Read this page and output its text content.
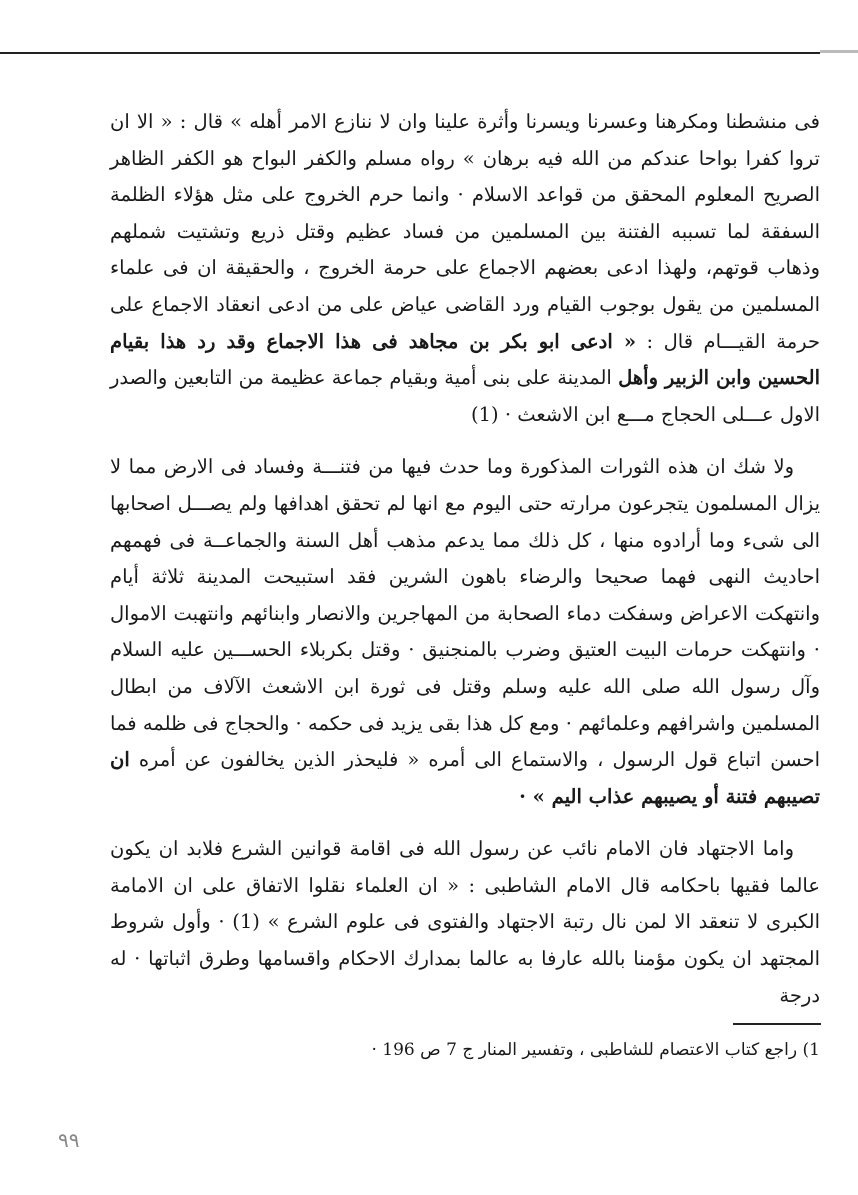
فى منشطنا ومكرهنا وعسرنا ويسرنا وأثرة علينا وان لا ننازع الامر أهله » قال : « الا ان تروا كفرا بواحا عندكم من الله فيه برهان » رواه مسلم والكفر البواح هو الكفر الظاهر الصريح المعلوم المحقق من قواعد الاسلام · وانما حرم الخروج على مثل هؤلاء الظلمة السفقة لما تسببه الفتنة بين المسلمين من فساد عظيم وقتل ذريع وتشتيت شملهم وذهاب قوتهم، ولهذا ادعى بعضهم الاجماع على حرمة الخروج ، والحقيقة ان فى علماء المسلمين من يقول بوجوب القيام ورد القاضى عياض على من ادعى انعقاد الاجماع على حرمة القيـــام قال : « ادعى ابو بكر بن مجاهد فى هذا الاجماع وقد رد هذا بقيام الحسين وابن الزبير وأهل المدينة على بنى أمية وبقيام جماعة عظيمة من التابعين والصدر الاول عـــلى الحجاج مـــع ابن الاشعث · (1)

ولا شك ان هذه الثورات المذكورة وما حدث فيها من فتنـــة وفساد فى الارض مما لا يزال المسلمون يتجرعون مرارته حتى اليوم مع انها لم تحقق اهدافها ولم يصـــل اصحابها الى شىء وما أرادوه منها ، كل ذلك مما يدعم مذهب أهل السنة والجماعــة فى فهمهم احاديث النهى فهما صحيحا والرضاء باهون الشرين فقد استبيحت المدينة ثلاثة أيام وانتهكت الاعراض وسفكت دماء الصحابة من المهاجرين والانصار وابنائهم وانتهبت الاموال · وانتهكت حرمات البيت العتيق وضرب بالمنجنيق · وقتل بكربلاء الحســـين عليه السلام وآل رسول الله صلى الله عليه وسلم وقتل فى ثورة ابن الاشعث الآلاف من ابطال المسلمين واشرافهم وعلمائهم · ومع كل هذا بقى يزيد فى حكمه · والحجاج فى ظلمه فما احسن اتباع قول الرسول ، والاستماع الى أمره « فليحذر الذين يخالفون عن أمره ان تصيبهم فتنة أو يصيبهم عذاب اليم » ·

واما الاجتهاد فان الامام نائب عن رسول الله فى اقامة قوانين الشرع فلابد ان يكون عالما فقيها باحكامه قال الامام الشاطبى : « ان العلماء نقلوا الاتفاق على ان الامامة الكبرى لا تنعقد الا لمن نال رتبة الاجتهاد والفتوى فى علوم الشرع » (1) · وأول شروط المجتهد ان يكون مؤمنا بالله عارفا به عالما بمدارك الاحكام واقسامها وطرق اثباتها · له درجة

1) راجع كتاب الاعتصام للشاطبى ، وتفسير المنار ج 7 ص 196 ·
٩٩
